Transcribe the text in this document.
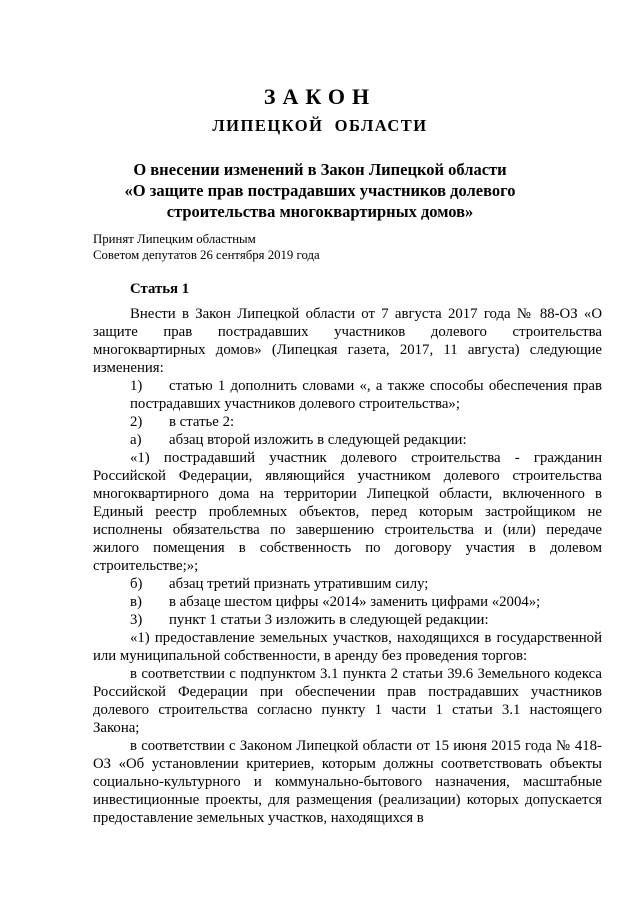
ЗАКОН
ЛИПЕЦКОЙ  ОБЛАСТИ
О внесении изменений в Закон Липецкой области
«О защите прав пострадавших участников долевого
строительства многоквартирных домов»
Принят Липецким областным
Советом депутатов 26 сентября 2019 года
Статья 1

Внести в Закон Липецкой области от 7 августа 2017 года № 88-ОЗ «О защите прав пострадавших участников долевого строительства многоквартирных домов» (Липецкая газета, 2017, 11 августа) следующие изменения:

1) статью 1 дополнить словами «, а также способы обеспечения прав пострадавших участников долевого строительства»;

2) в статье 2:

а) абзац второй изложить в следующей редакции:

«1) пострадавший участник долевого строительства - гражданин Российской Федерации, являющийся участником долевого строительства многоквартирного дома на территории Липецкой области, включенного в Единый реестр проблемных объектов, перед которым застройщиком не исполнены обязательства по завершению строительства и (или) передаче жилого помещения в собственность по договору участия в долевом строительстве;»;

б) абзац третий признать утратившим силу;

в) в абзаце шестом цифры «2014» заменить цифрами «2004»;

3) пункт 1 статьи 3 изложить в следующей редакции:

«1) предоставление земельных участков, находящихся в государственной или муниципальной собственности, в аренду без проведения торгов:

в соответствии с подпунктом 3.1 пункта 2 статьи 39.6 Земельного кодекса Российской Федерации при обеспечении прав пострадавших участников долевого строительства согласно пункту 1 части 1 статьи 3.1 настоящего Закона;

в соответствии с Законом Липецкой области от 15 июня 2015 года № 418-ОЗ «Об установлении критериев, которым должны соответствовать объекты социально-культурного и коммунально-бытового назначения, масштабные инвестиционные проекты, для размещения (реализации) которых допускается предоставление земельных участков, находящихся в
